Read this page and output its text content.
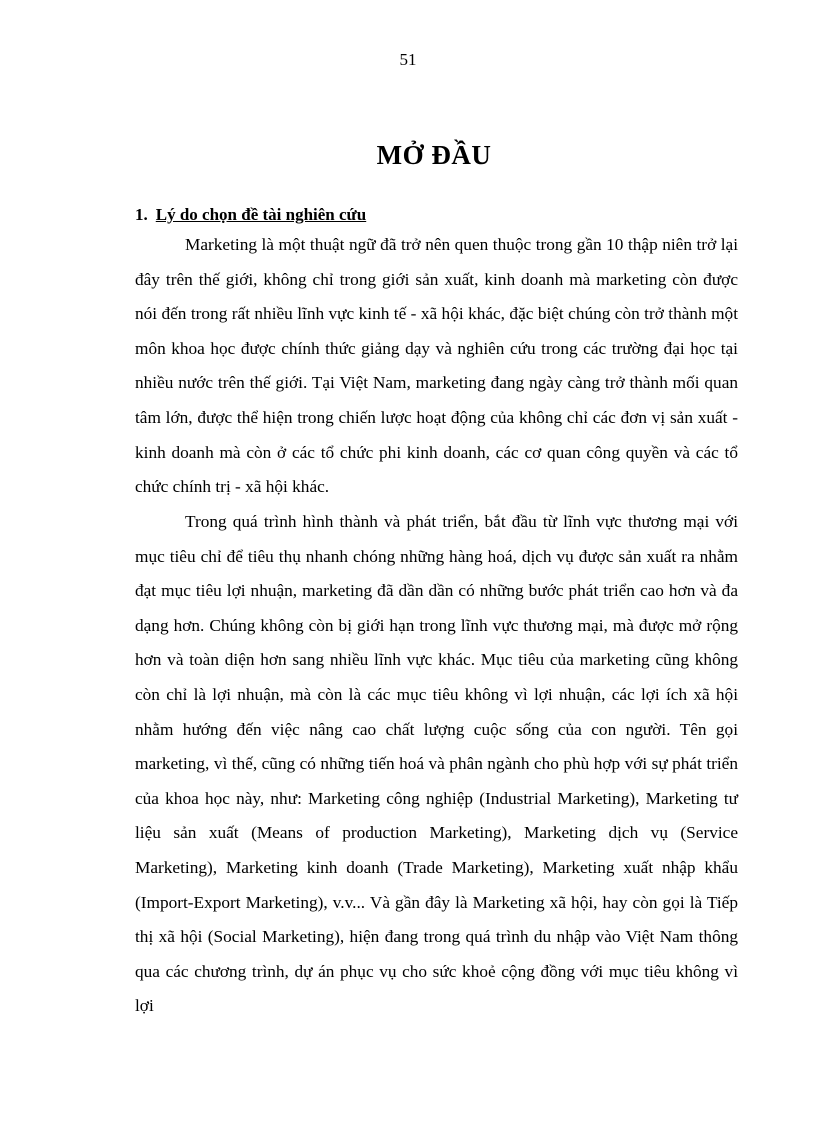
51
MỞ ĐẦU
1. Lý do chọn đề tài nghiên cứu

Marketing là một thuật ngữ đã trở nên quen thuộc trong gần 10 thập niên trở lại đây trên thế giới, không chỉ trong giới sản xuất, kinh doanh mà marketing còn được nói đến trong rất nhiều lĩnh vực kinh tế - xã hội khác, đặc biệt chúng còn trở thành một môn khoa học được chính thức giảng dạy và nghiên cứu trong các trường đại học tại nhiều nước trên thế giới. Tại Việt Nam, marketing đang ngày càng trở thành mối quan tâm lớn, được thể hiện trong chiến lược hoạt động của không chỉ các đơn vị sản xuất - kinh doanh mà còn ở các tổ chức phi kinh doanh, các cơ quan công quyền và các tổ chức chính trị - xã hội khác.

Trong quá trình hình thành và phát triển, bắt đầu từ lĩnh vực thương mại với mục tiêu chỉ để tiêu thụ nhanh chóng những hàng hoá, dịch vụ được sản xuất ra nhằm đạt mục tiêu lợi nhuận, marketing đã dần dần có những bước phát triển cao hơn và đa dạng hơn. Chúng không còn bị giới hạn trong lĩnh vực thương mại, mà được mở rộng hơn và toàn diện hơn sang nhiều lĩnh vực khác. Mục tiêu của marketing cũng không còn chỉ là lợi nhuận, mà còn là các mục tiêu không vì lợi nhuận, các lợi ích xã hội nhằm hướng đến việc nâng cao chất lượng cuộc sống của con người. Tên gọi marketing, vì thế, cũng có những tiến hoá và phân ngành cho phù hợp với sự phát triển của khoa học này, như: Marketing công nghiệp (Industrial Marketing), Marketing tư liệu sản xuất (Means of production Marketing), Marketing dịch vụ (Service Marketing), Marketing kinh doanh (Trade Marketing), Marketing xuất nhập khẩu (Import-Export Marketing), v.v... Và gần đây là Marketing xã hội, hay còn gọi là Tiếp thị xã hội (Social Marketing), hiện đang trong quá trình du nhập vào Việt Nam thông qua các chương trình, dự án phục vụ cho sức khoẻ cộng đồng với mục tiêu không vì lợi
